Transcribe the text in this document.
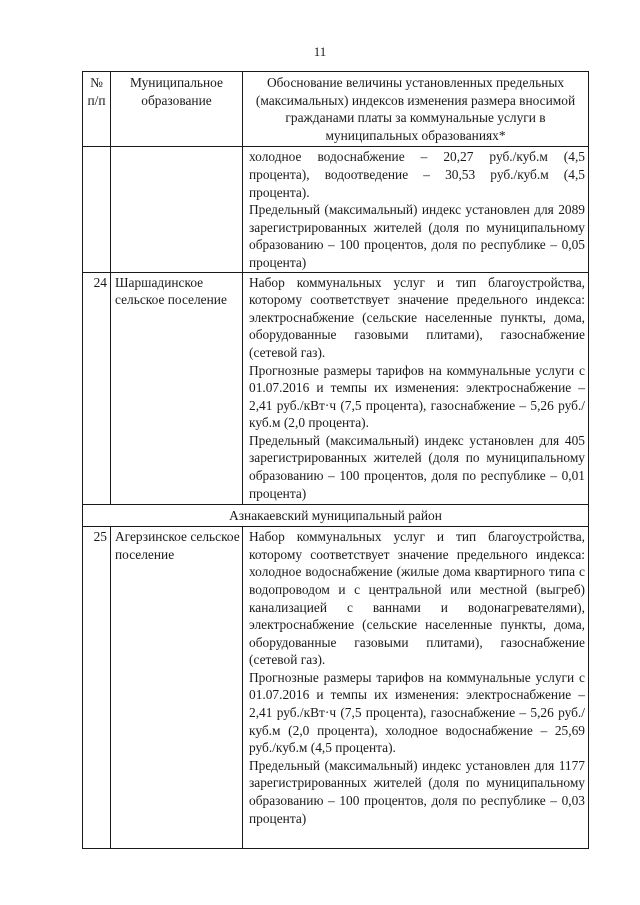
11
№ п/п	Муниципальное образование	Обоснование величины установленных предельных (максимальных) индексов изменения размера вносимой гражданами платы за коммунальные услуги в муниципальных образованиях*

		холодное водоснабжение – 20,27 руб./куб.м (4,5 процента), водоотведение – 30,53 руб./куб.м (4,5 процента).
Предельный (максимальный) индекс установлен для 2089 зарегистрированных жителей (доля по муниципальному образованию – 100 процентов, доля по республике – 0,05 процента)

24	Шаршадинское сельское поселение	Набор коммунальных услуг и тип благоустройства, которому соответствует значение предельного индекса: электроснабжение (сельские населенные пункты, дома, оборудованные газовыми плитами), газоснабжение (сетевой газ).
Прогнозные размеры тарифов на коммунальные услуги с 01.07.2016 и темпы их изменения: электроснабжение – 2,41 руб./кВт·ч (7,5 процента), газоснабжение – 5,26 руб./куб.м (2,0 процента).
Предельный (максимальный) индекс установлен для 405 зарегистрированных жителей (доля по муниципальному образованию – 100 процентов, доля по республике – 0,01 процента)

Азнакаевский муниципальный район		
25	Агерзинское сельское поселение	Набор коммунальных услуг и тип благоустройства, которому соответствует значение предельного индекса: холодное водоснабжение (жилые дома квартирного типа с водопроводом и с центральной или местной (выгреб) канализацией с ваннами и водонагревателями), электроснабжение (сельские населенные пункты, дома, оборудованные газовыми плитами), газоснабжение (сетевой газ).
Прогнозные размеры тарифов на коммунальные услуги с 01.07.2016 и темпы их изменения: электроснабжение – 2,41 руб./кВт·ч (7,5 процента), газоснабжение – 5,26 руб./куб.м (2,0 процента), холодное водоснабжение – 25,69 руб./куб.м (4,5 процента).
Предельный (максимальный) индекс установлен для 1177 зарегистрированных жителей (доля по муниципальному образованию – 100 процентов, доля по республике – 0,03 процента)
